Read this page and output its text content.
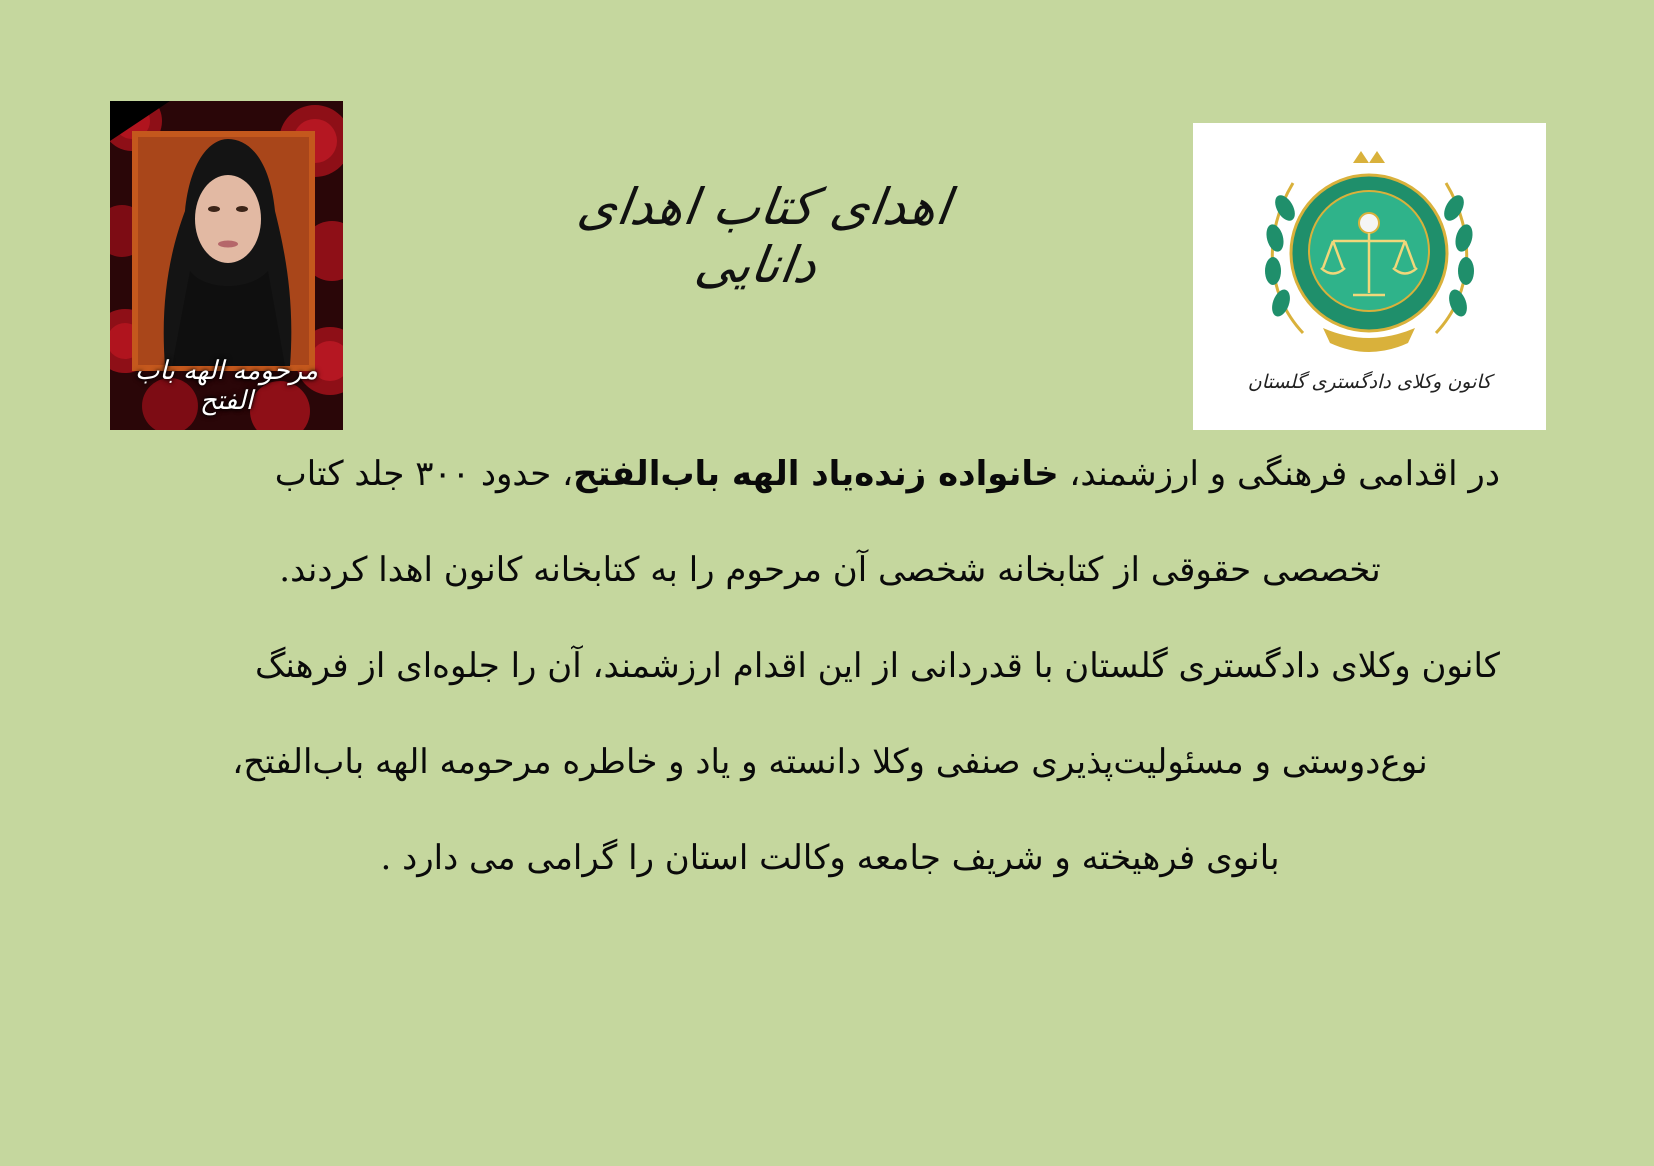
مرحومه الهه باب الفتح
اهدای کتاب اهدای دانایی
کانون وکلای دادگستری گلستان
در اقدامی فرهنگی و ارزشمند، خانواده زنده‌یاد الهه باب‌الفتح، حدود ۳۰۰ جلد کتاب
تخصصی حقوقی از کتابخانه شخصی آن مرحوم را به کتابخانه کانون اهدا کردند.
کانون وکلای دادگستری گلستان با قدردانی از این اقدام ارزشمند، آن را جلوه‌ای از فرهنگ
نوع‌دوستی و مسئولیت‌پذیری صنفی وکلا دانسته و یاد و خاطره مرحومه الهه باب‌الفتح،
بانوی فرهیخته و شریف جامعه وکالت استان را گرامی می دارد .
